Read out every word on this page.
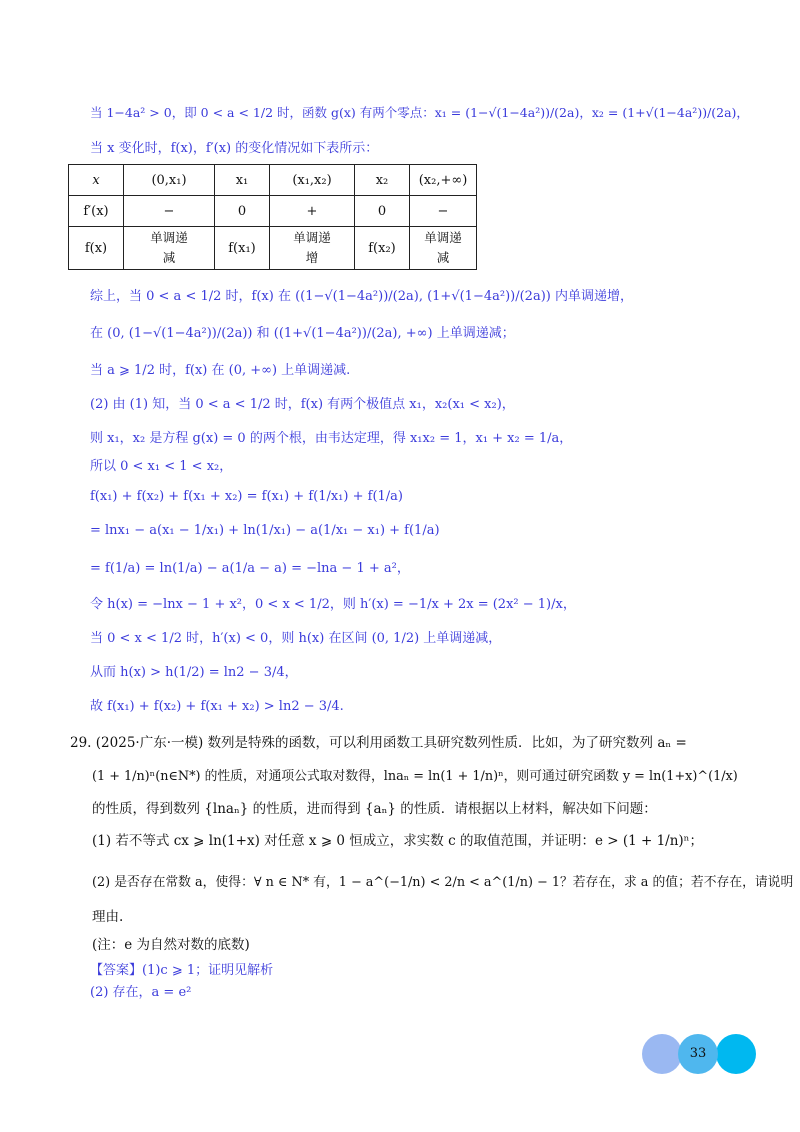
当 1−4a² > 0，即 0 < a < 1/2 时，函数 g(x) 有两个零点：x₁ = (1−√(1−4a²))/(2a)，x₂ = (1+√(1−4a²))/(2a)，
当 x 变化时，f(x)，f′(x) 的变化情况如下表所示：
x	(0,x₁)	x₁	(x₁,x₂)	x₂	(x₂,+∞)
f′(x)	−	0	+	0	−
f(x)	单调递减	f(x₁)	单调递增	f(x₂)	单调递减
综上，当 0 < a < 1/2 时，f(x) 在 ((1−√(1−4a²))/(2a), (1+√(1−4a²))/(2a)) 内单调递增，
在 (0, (1−√(1−4a²))/(2a)) 和 ((1+√(1−4a²))/(2a), +∞) 上单调递减；
当 a ⩾ 1/2 时，f(x) 在 (0, +∞) 上单调递减.
(2) 由 (1) 知，当 0 < a < 1/2 时，f(x) 有两个极值点 x₁，x₂(x₁ < x₂)，
则 x₁，x₂ 是方程 g(x) = 0 的两个根，由韦达定理，得 x₁x₂ = 1，x₁ + x₂ = 1/a，
所以 0 < x₁ < 1 < x₂，
f(x₁) + f(x₂) + f(x₁ + x₂) = f(x₁) + f(1/x₁) + f(1/a)
= lnx₁ − a(x₁ − 1/x₁) + ln(1/x₁) − a(1/x₁ − x₁) + f(1/a)
= f(1/a) = ln(1/a) − a(1/a − a) = −lna − 1 + a²，
令 h(x) = −lnx − 1 + x²，0 < x < 1/2，则 h′(x) = −1/x + 2x = (2x² − 1)/x，
当 0 < x < 1/2 时，h′(x) < 0，则 h(x) 在区间 (0, 1/2) 上单调递减，
从而 h(x) > h(1/2) = ln2 − 3/4，
故 f(x₁) + f(x₂) + f(x₁ + x₂) > ln2 − 3/4.
29. (2025·广东·一模) 数列是特殊的函数，可以利用函数工具研究数列性质．比如，为了研究数列 aₙ =
(1 + 1/n)ⁿ(n∈N*) 的性质，对通项公式取对数得，lnaₙ = ln(1 + 1/n)ⁿ，则可通过研究函数 y = ln(1+x)^(1/x)
的性质，得到数列 {lnaₙ} 的性质，进而得到 {aₙ} 的性质．请根据以上材料，解决如下问题：
(1) 若不等式 cx ⩾ ln(1+x) 对任意 x ⩾ 0 恒成立，求实数 c 的取值范围，并证明：e > (1 + 1/n)ⁿ；
(2) 是否存在常数 a，使得：∀ n ∈ N* 有，1 − a^(−1/n) < 2/n < a^(1/n) − 1？若存在，求 a 的值；若不存在，请说明
理由.
(注：e 为自然对数的底数)
【答案】(1)c ⩾ 1；证明见解析
(2) 存在，a = e²
33
